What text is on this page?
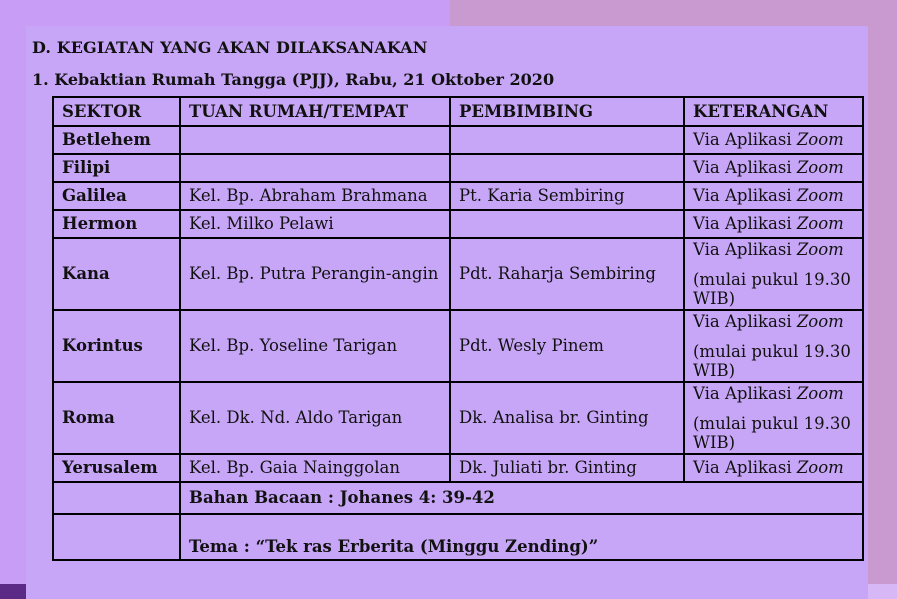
D. KEGIATAN YANG AKAN DILAKSANAKAN
1. Kebaktian Rumah Tangga (PJJ), Rabu, 21 Oktober 2020
SEKTOR	TUAN RUMAH/TEMPAT	PEMBIMBING	KETERANGAN
Betlehem			Via Aplikasi Zoom
Filipi			Via Aplikasi Zoom
Galilea	Kel. Bp. Abraham Brahmana	Pt. Karia Sembiring	Via Aplikasi Zoom
Hermon	Kel. Milko Pelawi		Via Aplikasi Zoom
Kana	Kel. Bp. Putra Perangin-angin	Pdt. Raharja Sembiring	Via Aplikasi Zoom
(mulai pukul 19.30 WIB)

Korintus	Kel. Bp. Yoseline Tarigan	Pdt. Wesly Pinem	Via Aplikasi Zoom
(mulai pukul 19.30 WIB)

Roma	Kel. Dk. Nd. Aldo Tarigan	Dk. Analisa br. Ginting	Via Aplikasi Zoom
(mulai pukul 19.30 WIB)

Yerusalem	Kel. Bp. Gaia Nainggolan	Dk. Juliati br. Ginting	Via Aplikasi Zoom
	Bahan Bacaan : Johanes 4: 39-42		
	Tema : “Tek ras Erberita (Minggu Zending)”		
